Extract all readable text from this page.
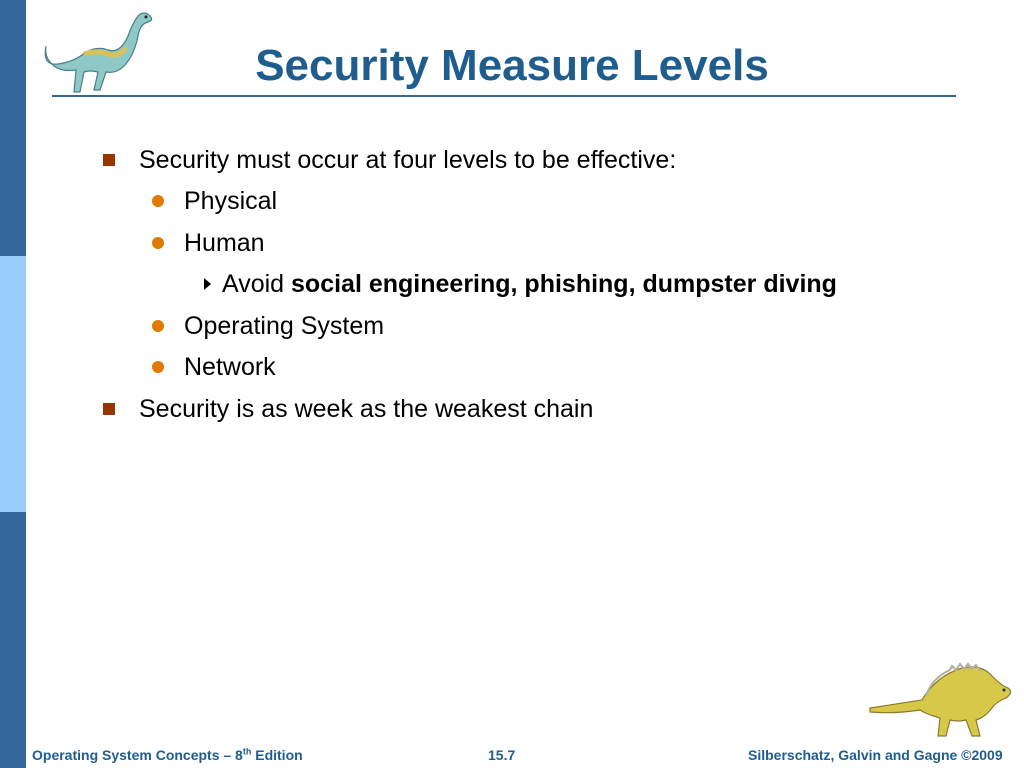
Security Measure Levels
Security must occur at four levels to be effective:
Physical
Human
Avoid social engineering, phishing, dumpster diving
Operating System
Network
Security is as week as the weakest chain
Operating System Concepts – 8th Edition	15.7	Silberschatz, Galvin and Gagne ©2009
